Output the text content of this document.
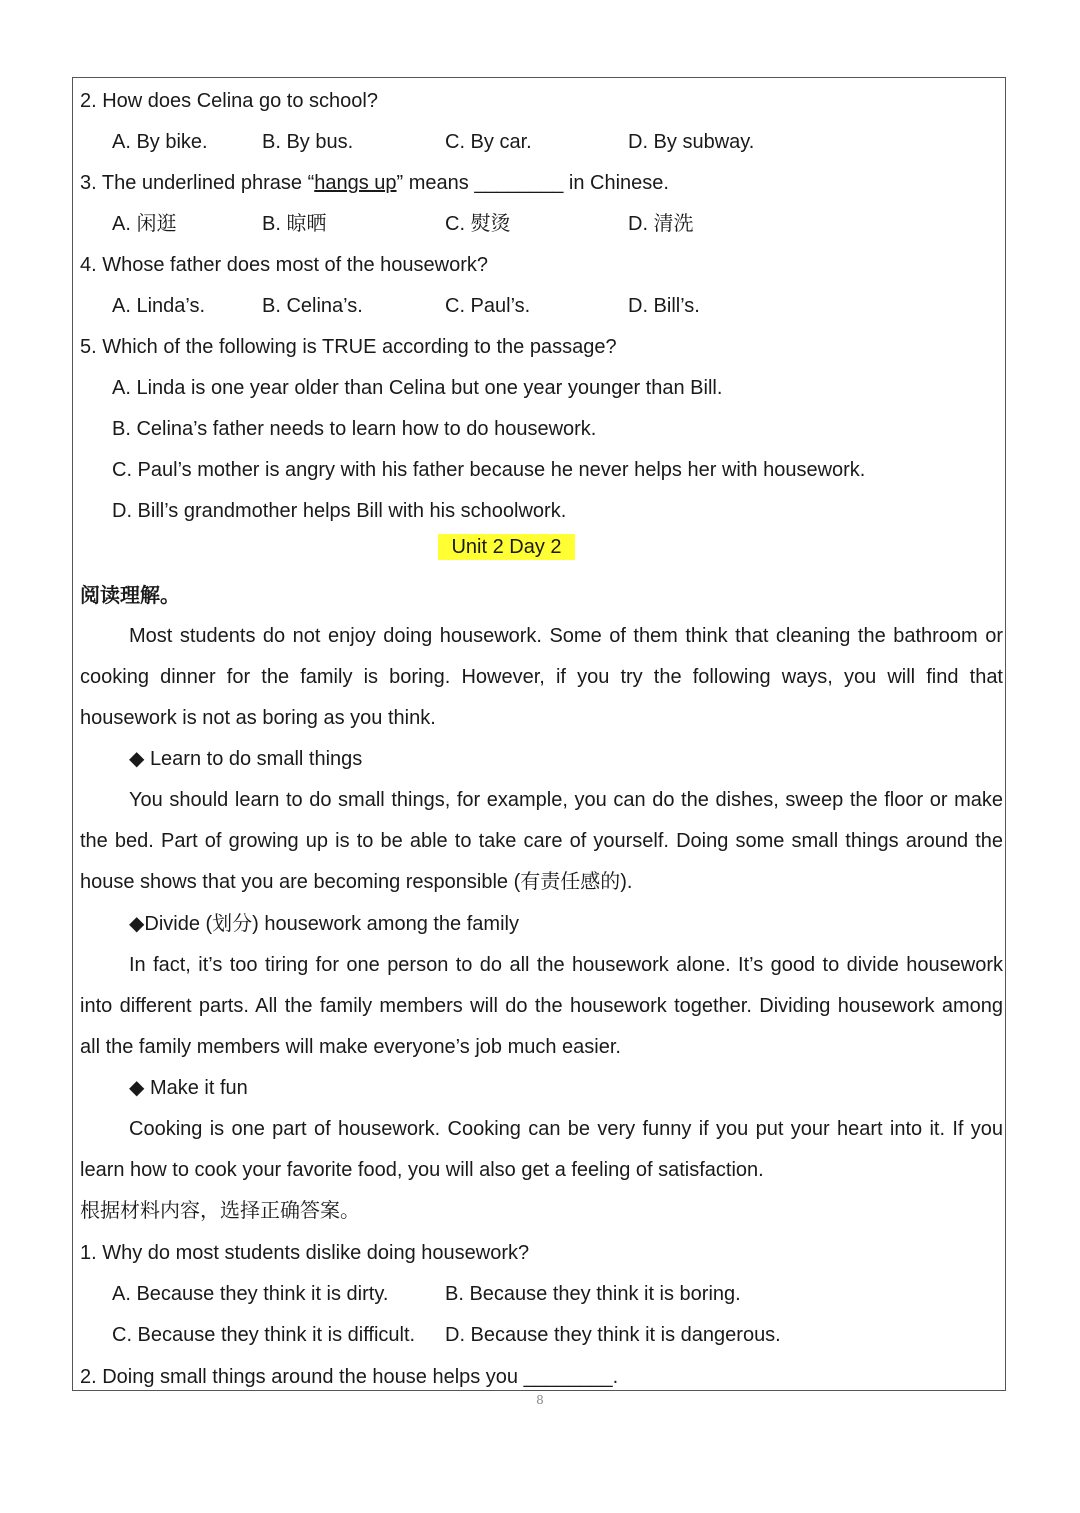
2. How does Celina go to school?
A. By bike.	B. By bus.	C. By car.	D. By subway.
3. The underlined phrase “hangs up” means ________ in Chinese.
A. 闲逛	B. 晾晒	C. 熨烫	D. 清洗
4. Whose father does most of the housework?
A. Linda’s.	B. Celina’s.	C. Paul’s.	D. Bill’s.
5. Which of the following is TRUE according to the passage?
A. Linda is one year older than Celina but one year younger than Bill.
B. Celina’s father needs to learn how to do housework.
C. Paul’s mother is angry with his father because he never helps her with housework.
D. Bill’s grandmother helps Bill with his schoolwork.
Unit 2 Day 2
阅读理解。
Most students do not enjoy doing housework. Some of them think that cleaning the bathroom or cooking dinner for the family is boring. However, if you try the following ways, you will find that housework is not as boring as you think.
◆ Learn to do small things
You should learn to do small things, for example, you can do the dishes, sweep the floor or make the bed. Part of growing up is to be able to take care of yourself. Doing some small things around the house shows that you are becoming responsible (有责任感的).
◆Divide (划分) housework among the family
In fact, it’s too tiring for one person to do all the housework alone. It’s good to divide housework into different parts. All the family members will do the housework together. Dividing housework among all the family members will make everyone’s job much easier.
◆ Make it fun
Cooking is one part of housework. Cooking can be very funny if you put your heart into it. If you learn how to cook your favorite food, you will also get a feeling of satisfaction.
根据材料内容，选择正确答案。
1. Why do most students dislike doing housework?
A. Because they think it is dirty.	B. Because they think it is boring.
C. Because they think it is difficult. D. Because they think it is dangerous.
2. Doing small things around the house helps you ________.
8
